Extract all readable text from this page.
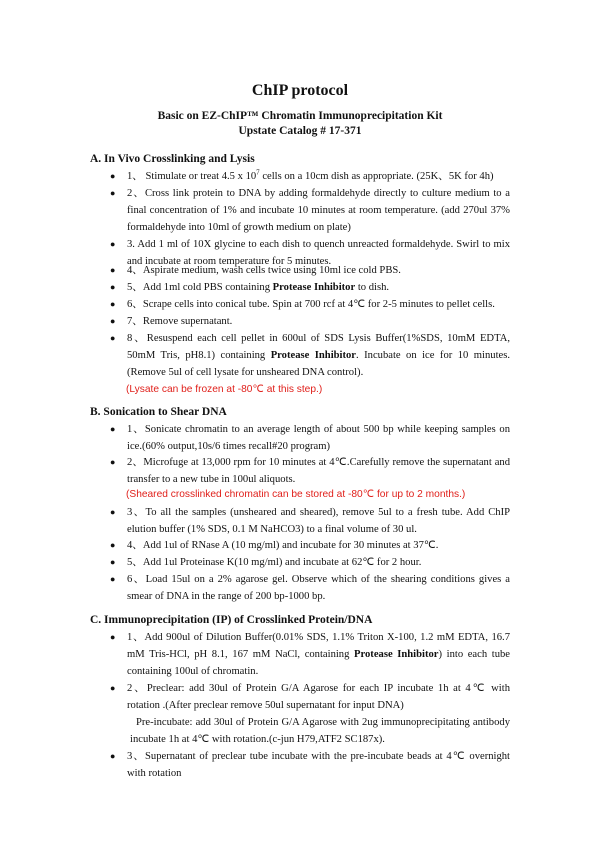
ChIP protocol
Basic on EZ-ChIP™ Chromatin Immunoprecipitation Kit
Upstate Catalog # 17-371
A. In Vivo Crosslinking and Lysis
● 1、 Stimulate or treat 4.5 x $10^7$ cells on a 10cm dish as appropriate. (25K、5K for 4h)
● 2、Cross link protein to DNA by adding formaldehyde directly to culture medium to a final concentration of 1% and incubate 10 minutes at room temperature. (add 270ul 37% formaldehyde into 10ml of growth medium on plate)
● 3. Add 1 ml of 10X glycine to each dish to quench unreacted formaldehyde. Swirl to mix and incubate at room temperature for 5 minutes.
● 4、Aspirate medium, wash cells twice using 10ml ice cold PBS.
● 5、Add 1ml cold PBS containing Protease Inhibitor to dish.
● 6、Scrape cells into conical tube. Spin at 700 rcf at 4℃ for 2-5 minutes to pellet cells.
● 7、Remove supernatant.
● 8、Resuspend each cell pellet in 600ul of SDS Lysis Buffer(1%SDS, 10mM EDTA, 50mM Tris, pH8.1) containing Protease Inhibitor. Incubate on ice for 10 minutes. (Remove 5ul of cell lysate for unsheared DNA control).
(Lysate can be frozen at -80℃ at this step.)
B. Sonication to Shear DNA
● 1、Sonicate chromatin to an average length of about 500 bp while keeping samples on ice.(60% output,10s/6 times recall#20 program)
● 2、Microfuge at 13,000 rpm for 10 minutes at 4℃.Carefully remove the supernatant and transfer to a new tube in 100ul aliquots.
(Sheared crosslinked chromatin can be stored at -80℃ for up to 2 months.)
● 3、To all the samples (unsheared and sheared), remove 5ul to a fresh tube. Add ChIP elution buffer (1% SDS, 0.1 M NaHCO3) to a final volume of 30 ul.
● 4、Add 1ul of RNase A (10 mg/ml) and incubate for 30 minutes at 37℃.
● 5、Add 1ul Proteinase K(10 mg/ml) and incubate at 62℃ for 2 hour.
● 6、Load 15ul on a 2% agarose gel. Observe which of the shearing conditions gives a smear of DNA in the range of 200 bp-1000 bp.
C. Immunoprecipitation (IP) of Crosslinked Protein/DNA
● 1、Add 900ul of Dilution Buffer(0.01% SDS, 1.1% Triton X-100, 1.2 mM EDTA, 16.7 mM Tris-HCl, pH 8.1, 167 mM NaCl, containing Protease Inhibitor) into each tube containing 100ul of chromatin.
● 2、Preclear: add 30ul of Protein G/A Agarose for each IP incubate 1h at 4℃ with rotation .(After preclear remove 50ul supernatant for input DNA)
Pre-incubate: add 30ul of Protein G/A Agarose with 2ug immunoprecipitating antibody incubate 1h at 4℃ with rotation.(c-jun H79,ATF2 SC187x).
● 3、Supernatant of preclear tube incubate with the pre-incubate beads at 4℃ overnight with rotation
